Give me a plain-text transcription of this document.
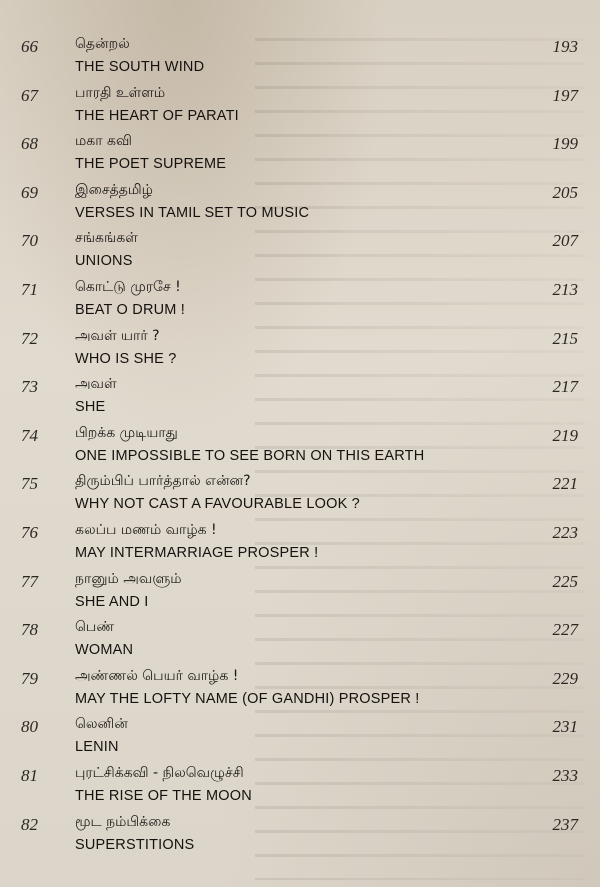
66	தென்றல்
THE SOUTH WIND
193
67	பாரதி உள்ளம்
THE HEART OF PARATI
197
68	மகா கவி
THE POET SUPREME
199
69	இசைத்தமிழ்
VERSES IN TAMIL SET TO MUSIC
205
70	சங்கங்கள்
UNIONS
207
71	கொட்டு முரசே !
BEAT O DRUM !
213
72	அவள் யார் ?
WHO IS SHE ?
215
73	அவள்
SHE
217
74	பிறக்க முடியாது
ONE IMPOSSIBLE TO SEE BORN ON THIS EARTH
219
75	திரும்பிப் பார்த்தால் என்ன?
WHY NOT CAST A FAVOURABLE LOOK ?
221
76	கலப்ப மணம் வாழ்க !
MAY INTERMARRIAGE PROSPER !
223
77	நானும் அவளும்
SHE AND I
225
78	பெண்
WOMAN
227
79	அண்ணல் பெயர் வாழ்க !
MAY THE LOFTY NAME (OF GANDHI) PROSPER !
229
80	லெனின்
LENIN
231
81	புரட்சிக்கவி - நிலவெழுச்சி
THE RISE OF THE MOON
233
82	மூட நம்பிக்கை
SUPERSTITIONS
237
